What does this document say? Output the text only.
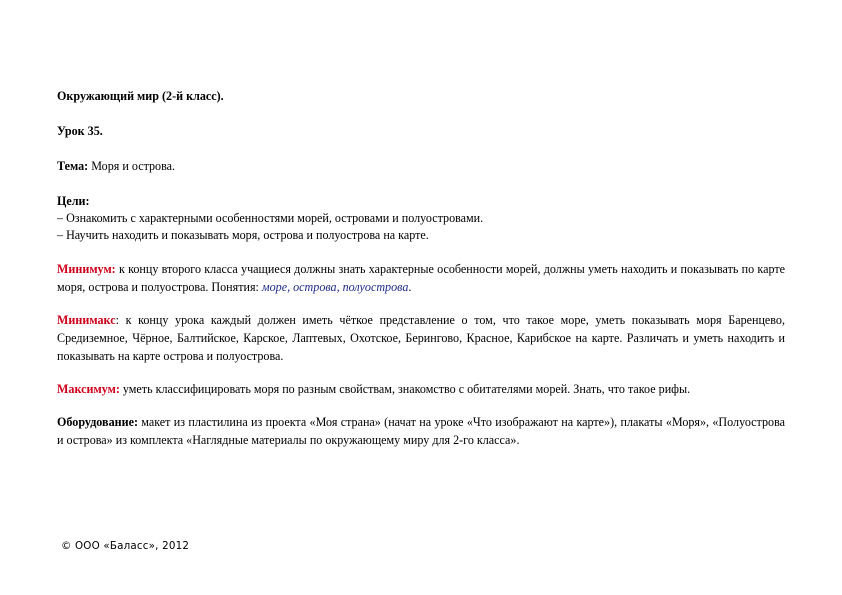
Окружающий мир (2-й класс).

Урок 35.

Тема: Моря и острова.

Цели:

– Ознакомить с характерными особенностями морей, островами и полуостровами.

– Научить находить и показывать моря, острова и полуострова на карте.

Минимум: к концу второго класса учащиеся должны знать характерные особенности морей, должны уметь находить и показывать по карте моря, острова и полуострова. Понятия: море, острова, полуострова.

Минимакс: к концу урока каждый должен иметь чёткое представление о том, что такое море, уметь показывать моря Баренцево, Средиземное, Чёрное, Балтийское, Карское, Лаптевых, Охотское, Берингово, Красное, Карибское на карте. Различать и уметь находить и показывать на карте острова и полуострова.

Максимум: уметь классифицировать моря по разным свойствам, знакомство с обитателями морей. Знать, что такое рифы.

Оборудование: макет из пластилина из проекта «Моя страна» (начат на уроке «Что изображают на карте»), плакаты «Моря», «Полуострова и острова» из комплекта «Наглядные материалы по окружающему миру для 2-го класса».

© ООО «Баласс», 2012
